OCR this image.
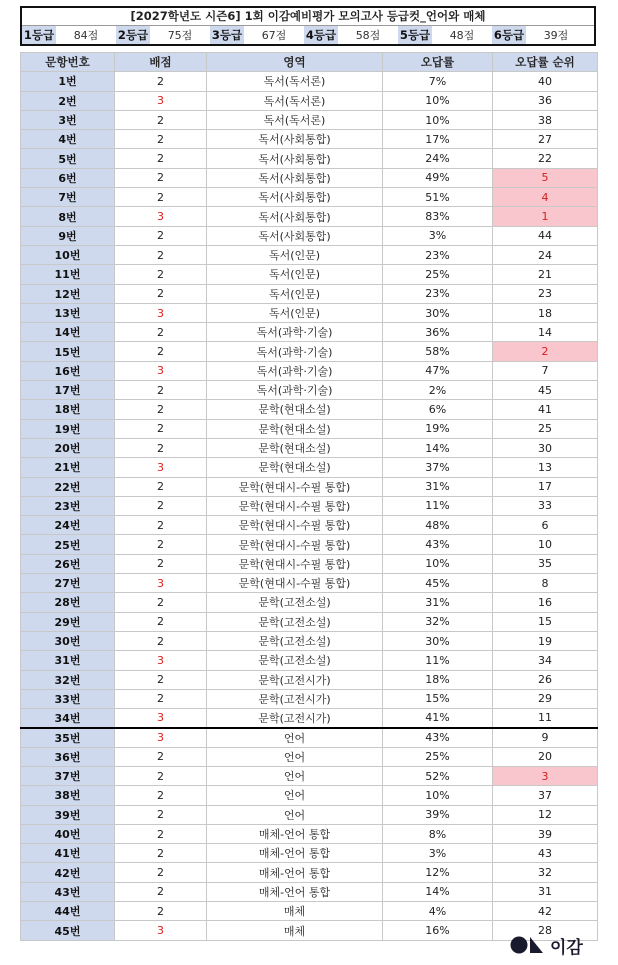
[2027학년도 시즌6] 1회 이감예비평가 모의고사 등급컷_언어와 매체
1등급	84점	2등급	75점	3등급	67점	4등급	58점	5등급	48점	6등급	39점
문항번호	배점	영역	오답률	오답률 순위
1번	2	독서(독서론)	7%	40
2번	3	독서(독서론)	10%	36
3번	2	독서(독서론)	10%	38
4번	2	독서(사회통합)	17%	27
5번	2	독서(사회통합)	24%	22
6번	2	독서(사회통합)	49%	5
7번	2	독서(사회통합)	51%	4
8번	3	독서(사회통합)	83%	1
9번	2	독서(사회통합)	3%	44
10번	2	독서(인문)	23%	24
11번	2	독서(인문)	25%	21
12번	2	독서(인문)	23%	23
13번	3	독서(인문)	30%	18
14번	2	독서(과학·기술)	36%	14
15번	2	독서(과학·기술)	58%	2
16번	3	독서(과학·기술)	47%	7
17번	2	독서(과학·기술)	2%	45
18번	2	문학(현대소설)	6%	41
19번	2	문학(현대소설)	19%	25
20번	2	문학(현대소설)	14%	30
21번	3	문학(현대소설)	37%	13
22번	2	문학(현대시-수필 통합)	31%	17
23번	2	문학(현대시-수필 통합)	11%	33
24번	2	문학(현대시-수필 통합)	48%	6
25번	2	문학(현대시-수필 통합)	43%	10
26번	2	문학(현대시-수필 통합)	10%	35
27번	3	문학(현대시-수필 통합)	45%	8
28번	2	문학(고전소설)	31%	16
29번	2	문학(고전소설)	32%	15
30번	2	문학(고전소설)	30%	19
31번	3	문학(고전소설)	11%	34
32번	2	문학(고전시가)	18%	26
33번	2	문학(고전시가)	15%	29
34번	3	문학(고전시가)	41%	11
35번	3	언어	43%	9
36번	2	언어	25%	20
37번	2	언어	52%	3
38번	2	언어	10%	37
39번	2	언어	39%	12
40번	2	매체-언어 통합	8%	39
41번	2	매체-언어 통합	3%	43
42번	2	매체-언어 통합	12%	32
43번	2	매체-언어 통합	14%	31
44번	2	매체	4%	42
45번	3	매체	16%	28
이감
